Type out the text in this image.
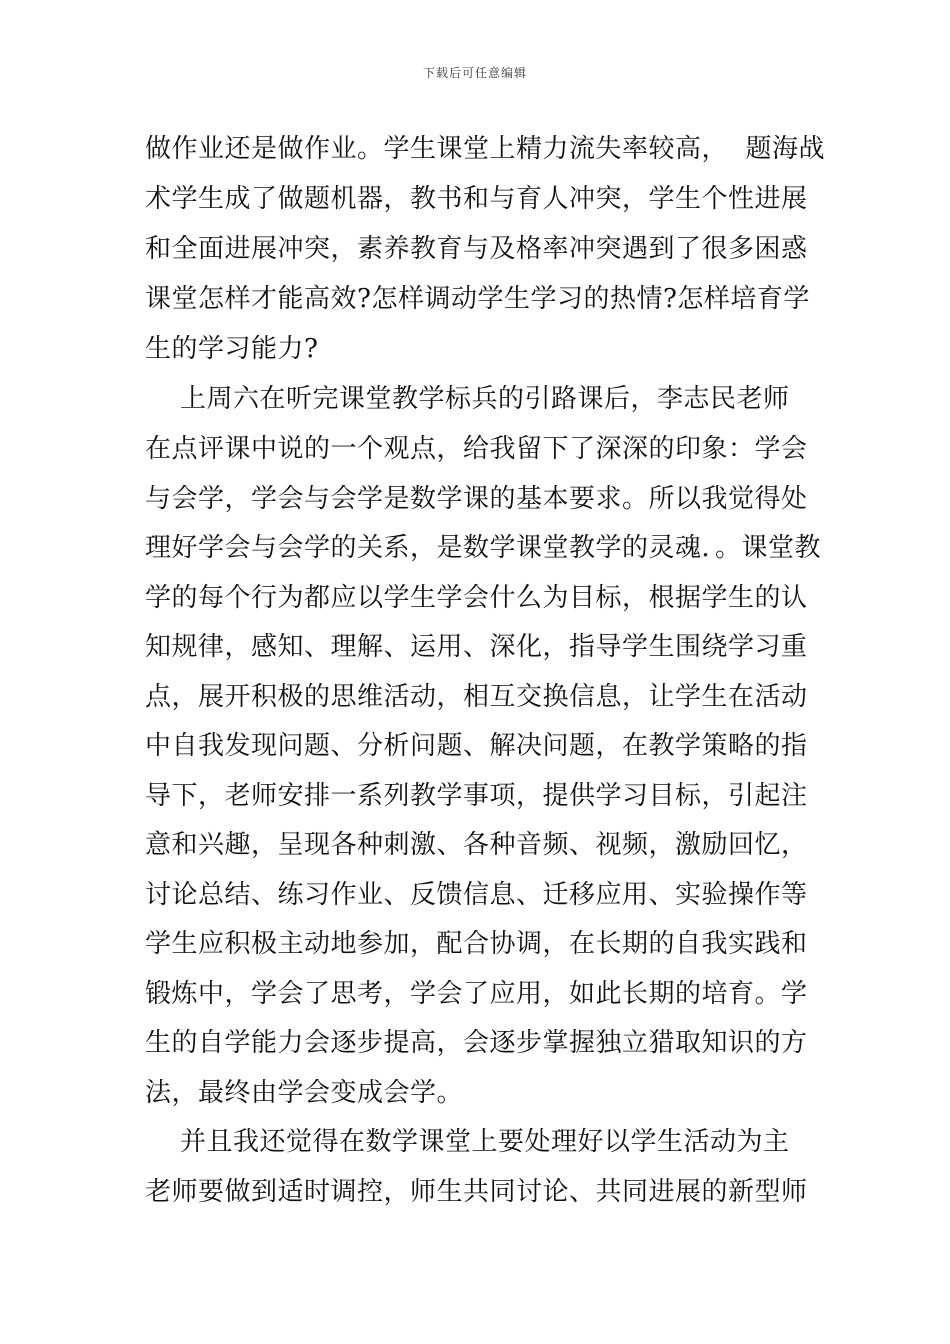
下载后可任意编辑
做作业还是做作业。学生课堂上精力流失率较高，  题海战
术学生成了做题机器，教书和与育人冲突，学生个性进展
和全面进展冲突，素养教育与及格率冲突遇到了很多困惑
课堂怎样才能高效?怎样调动学生学习的热情?怎样培育学
生的学习能力?
上周六在听完课堂教学标兵的引路课后，李志民老师
在点评课中说的一个观点，给我留下了深深的印象：学会
与会学，学会与会学是数学课的基本要求。所以我觉得处
理好学会与会学的关系，是数学课堂教学的灵魂．。课堂教
学的每个行为都应以学生学会什么为目标，根据学生的认
知规律，感知、理解、运用、深化，指导学生围绕学习重
点，展开积极的思维活动，相互交换信息，让学生在活动
中自我发现问题、分析问题、解决问题，在教学策略的指
导下，老师安排一系列教学事项，提供学习目标，引起注
意和兴趣，呈现各种刺激、各种音频、视频，激励回忆，
讨论总结、练习作业、反馈信息、迁移应用、实验操作等
学生应积极主动地参加，配合协调，在长期的自我实践和
锻炼中，学会了思考，学会了应用，如此长期的培育。学
生的自学能力会逐步提高，会逐步掌握独立猎取知识的方
法，最终由学会变成会学。
并且我还觉得在数学课堂上要处理好以学生活动为主
老师要做到适时调控，师生共同讨论、共同进展的新型师
